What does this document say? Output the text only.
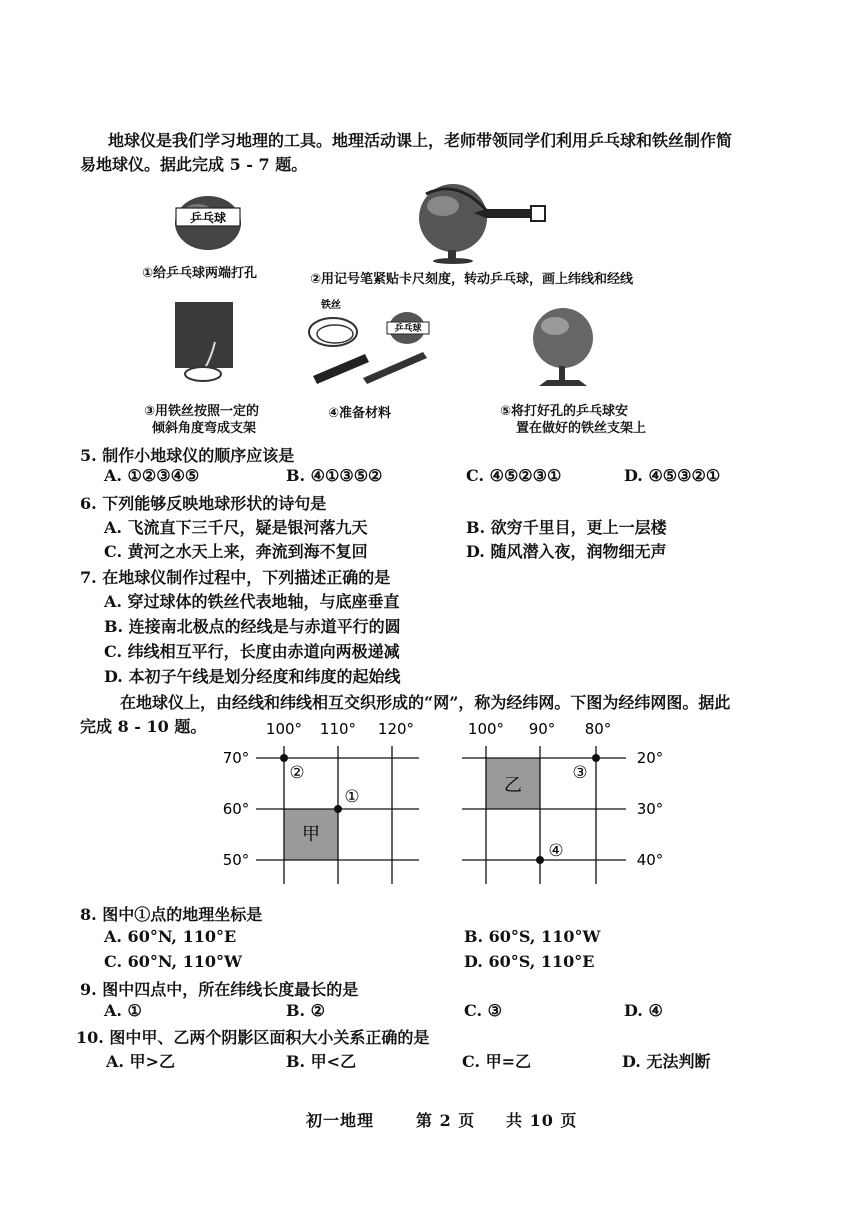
地球仪是我们学习地理的工具。地理活动课上，老师带领同学们利用乒乓球和铁丝制作简
易地球仪。据此完成 5 - 7 题。
乒乓球
①给乒乓球两端打孔	②用记号笔紧贴卡尺刻度，转动乒乓球，画上纬线和经线
③用铁丝按照一定的
倾斜角度弯成支架
铁丝
乒乓球
④准备材料	⑤将打好孔的乒乓球安
置在做好的铁丝支架上
5. 制作小地球仪的顺序应该是
A. ①②③④⑤	B. ④①③⑤②	C. ④⑤②③①	D. ④⑤③②①
6. 下列能够反映地球形状的诗句是
A. 飞流直下三千尺，疑是银河落九天	B. 欲穷千里目，更上一层楼
C. 黄河之水天上来，奔流到海不复回	D. 随风潜入夜，润物细无声
7. 在地球仪制作过程中，下列描述正确的是
A. 穿过球体的铁丝代表地轴，与底座垂直
B. 连接南北极点的经线是与赤道平行的圆
C. 纬线相互平行，长度由赤道向两极递减
D. 本初子午线是划分经度和纬度的起始线
在地球仪上，由经线和纬线相互交织形成的“网”，称为经纬网。下图为经纬网图。据此
完成 8 - 10 题。
甲
100° 110° 120°
70°
60°
50°
②
①
乙
100° 90° 80°
20°
30°
40°
③
④
8. 图中①点的地理坐标是
A. 60°N, 110°E	B. 60°S, 110°W
C. 60°N, 110°W	D. 60°S, 110°E
9. 图中四点中，所在纬线长度最长的是
A. ①	B. ②	C. ③	D. ④
10. 图中甲、乙两个阴影区面积大小关系正确的是
A. 甲>乙	B. 甲<乙	C. 甲=乙	D. 无法判断
初一地理	第 2 页 共 10 页
